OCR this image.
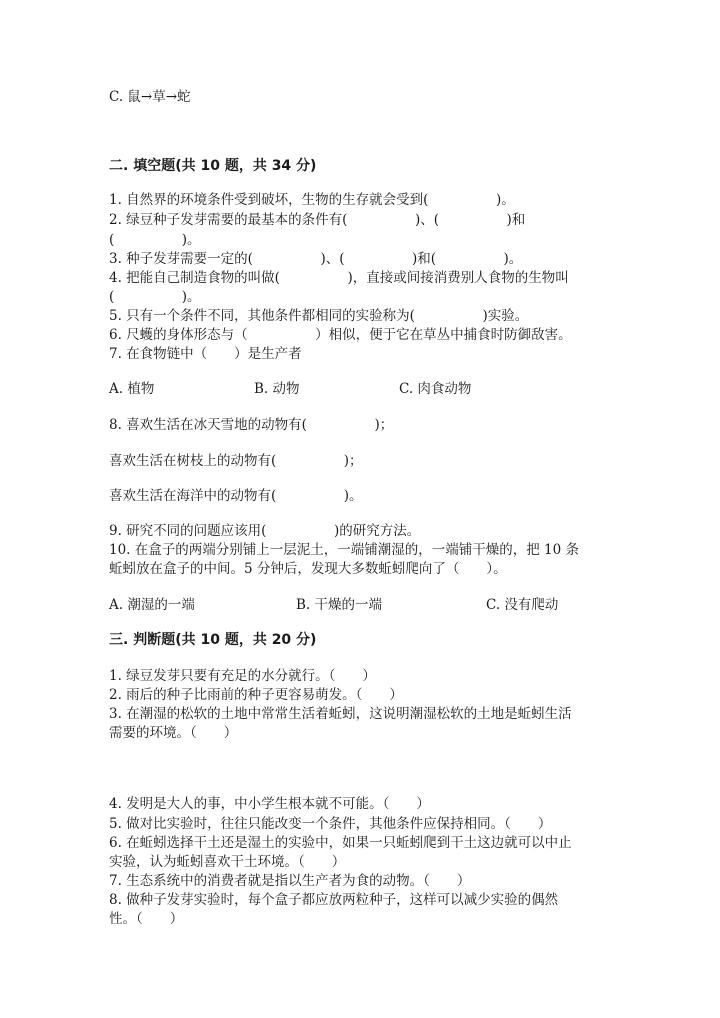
C. 鼠→草→蛇
二. 填空题(共 10 题，共 34 分)
1. 自然界的环境条件受到破坏，生物的生存就会受到(　　　　　)。
2. 绿豆种子发芽需要的最基本的条件有(　　　　　)、(　　　　　)和
(　　　　　)。
3. 种子发芽需要一定的(　　　　　)、(　　　　　)和(　　　　　)。
4. 把能自己制造食物的叫做(　　　　　)，直接或间接消费别人食物的生物叫
(　　　　　)。
5. 只有一个条件不同，其他条件都相同的实验称为(　　　　　)实验。
6. 尺蠖的身体形态与（　　　　　）相似，便于它在草丛中捕食时防御敌害。
7. 在食物链中（　　）是生产者
A. 植物	B. 动物	C. 肉食动物
8. 喜欢生活在冰天雪地的动物有(　　　　　)；
喜欢生活在树枝上的动物有(　　　　　)；
喜欢生活在海洋中的动物有(　　　　　)。
9. 研究不同的问题应该用(　　　　　)的研究方法。
10. 在盒子的两端分别铺上一层泥土，一端铺潮湿的，一端铺干燥的，把 10 条
蚯蚓放在盒子的中间。5 分钟后，发现大多数蚯蚓爬向了（　　）。
A. 潮湿的一端	B. 干燥的一端	C. 没有爬动
三. 判断题(共 10 题，共 20 分)
1. 绿豆发芽只要有充足的水分就行。（　　）
2. 雨后的种子比雨前的种子更容易萌发。（　　）
3. 在潮湿的松软的土地中常常生活着蚯蚓，这说明潮湿松软的土地是蚯蚓生活
需要的环境。（　　）
4. 发明是大人的事，中小学生根本就不可能。（　　）
5. 做对比实验时，往往只能改变一个条件，其他条件应保持相同。（　　）
6. 在蚯蚓选择干土还是湿土的实验中，如果一只蚯蚓爬到干土这边就可以中止
实验，认为蚯蚓喜欢干土环境。（　　）
7. 生态系统中的消费者就是指以生产者为食的动物。（　　）
8. 做种子发芽实验时，每个盒子都应放两粒种子，这样可以减少实验的偶然
性。（　　）
